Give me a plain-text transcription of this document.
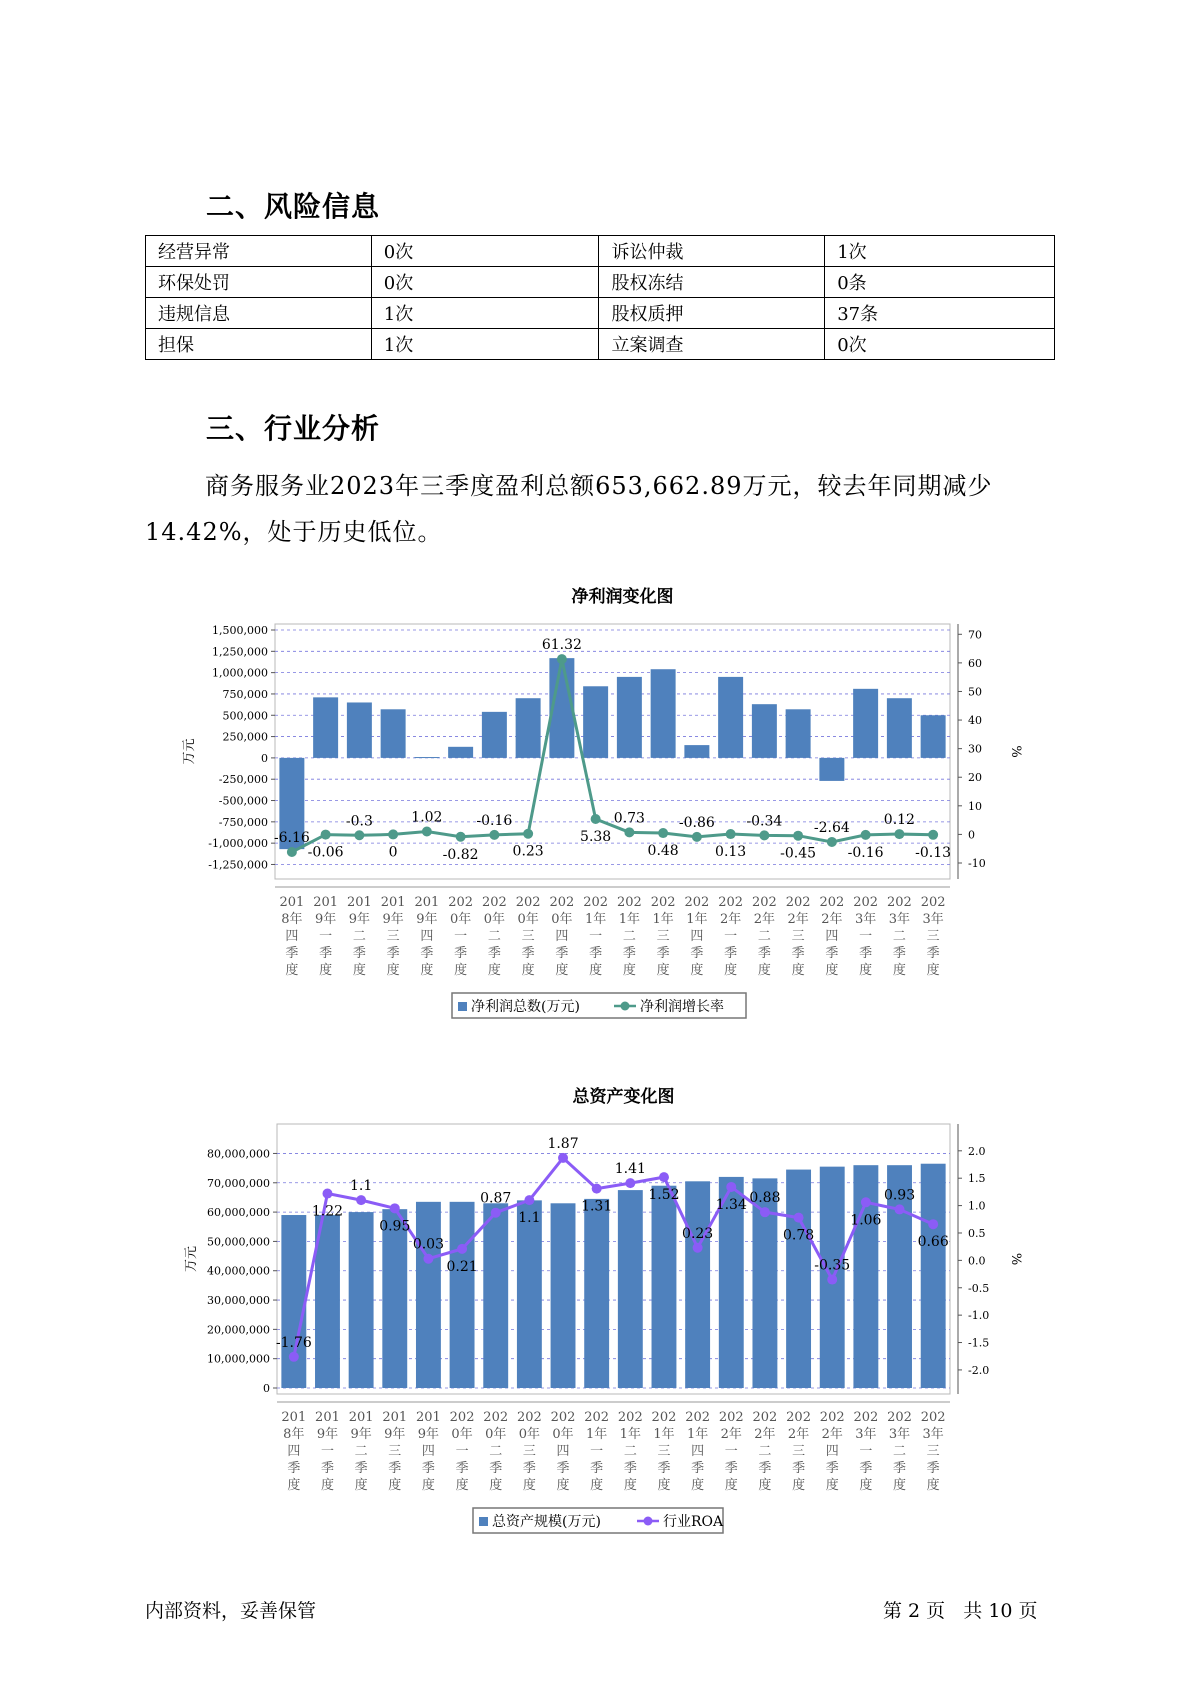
二、风险信息
经营异常	0次	诉讼仲裁	1次
环保处罚	0次	股权冻结	0条
违规信息	1次	股权质押	37条
担保	1次	立案调查	0次
三、行业分析
商务服务业2023年三季度盈利总额653,662.89万元，较去年同期减少14.42%，处于历史低位。
净利润变化图
1,500,000
1,250,000
1,000,000
750,000
500,000
250,000
0
-250,000
-500,000
-750,000
-1,000,000
-1,250,000
70
60
50
40
30
20
10
0
-10
万元	%
-6.16
-0.06
-0.3
0
1.02
-0.82
-0.16
0.23
61.32
5.38
0.73
0.48
-0.86
0.13
-0.34
-0.45
-2.64
-0.16
0.12
-0.13
201 8年四季度
201 9年一季度
201 9年二季度
201 9年三季度
201 9年四季度
202 0年一季度
202 0年二季度
202 0年三季度
202 0年四季度
202 1年一季度
202 1年二季度
202 1年三季度
202 1年四季度
202 2年一季度
202 2年二季度
202 2年三季度
202 2年四季度
202 3年一季度
202 3年二季度
202 3年三季度
净利润总数(万元)	净利润增长率
总资产变化图
80,000,000
70,000,000
60,000,000
50,000,000
40,000,000
30,000,000
20,000,000
10,000,000
0
2.0
1.5
1.0
0.5
0.0
-0.5
-1.0
-1.5
-2.0
万元	%
-1.76
1.22
1.1
0.95
0.03
0.21
0.87
1.1
1.87
1.31
1.41
1.52
0.23
1.34 0.88
0.78
-0.35
1.06
0.93
0.66
201 8年四季度
201 9年一季度
201 9年二季度
201 9年三季度
201 9年四季度
202 0年一季度
202 0年二季度
202 0年三季度
202 0年四季度
202 1年一季度
202 1年二季度
202 1年三季度
202 1年四季度
202 2年一季度
202 2年二季度
202 2年三季度
202 2年四季度
202 3年一季度
202 3年二季度
202 3年三季度
总资产规模(万元)	行业ROA
内部资料，妥善保管	第 2 页   共 10 页
